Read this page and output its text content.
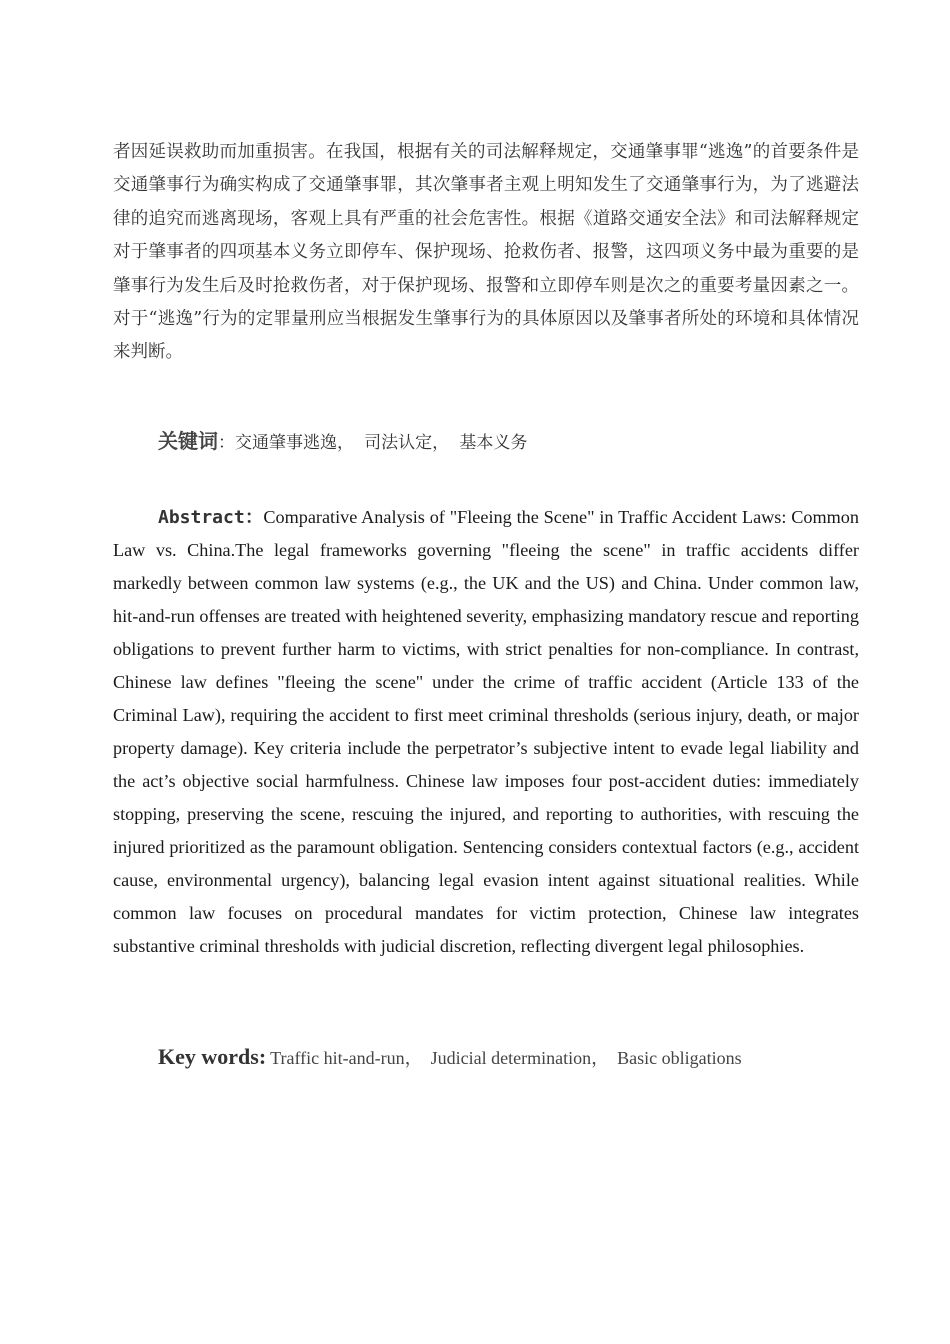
者因延误救助而加重损害。在我国，根据有关的司法解释规定，交通肇事罪“逃逸”的首要条件是交通肇事行为确实构成了交通肇事罪，其次肇事者主观上明知发生了交通肇事行为，为了逃避法律的追究而逃离现场，客观上具有严重的社会危害性。根据《道路交通安全法》和司法解释规定对于肇事者的四项基本义务立即停车、保护现场、抢救伤者、报警，这四项义务中最为重要的是肇事行为发生后及时抢救伤者，对于保护现场、报警和立即停车则是次之的重要考量因素之一。对于“逃逸”行为的定罪量刑应当根据发生肇事行为的具体原因以及肇事者所处的环境和具体情况来判断。

关键词：交通肇事逃逸， 司法认定， 基本义务

Abstract：Comparative Analysis of "Fleeing the Scene" in Traffic Accident Laws: Common Law vs. China.The legal frameworks governing "fleeing the scene" in traffic accidents differ markedly between common law systems (e.g., the UK and the US) and China. Under common law, hit-and-run offenses are treated with heightened severity, emphasizing mandatory rescue and reporting obligations to prevent further harm to victims, with strict penalties for non-compliance. In contrast, Chinese law defines "fleeing the scene" under the crime of traffic accident (Article 133 of the Criminal Law), requiring the accident to first meet criminal thresholds (serious injury, death, or major property damage). Key criteria include the perpetrator’s subjective intent to evade legal liability and the act’s objective social harmfulness. Chinese law imposes four post-accident duties: immediately stopping, preserving the scene, rescuing the injured, and reporting to authorities, with rescuing the injured prioritized as the paramount obligation. Sentencing considers contextual factors (e.g., accident cause, environmental urgency), balancing legal evasion intent against situational realities. While common law focuses on procedural mandates for victim protection, Chinese law integrates substantive criminal thresholds with judicial discretion, reflecting divergent legal philosophies.

Key words: Traffic hit-and-run， Judicial determination， Basic obligations
